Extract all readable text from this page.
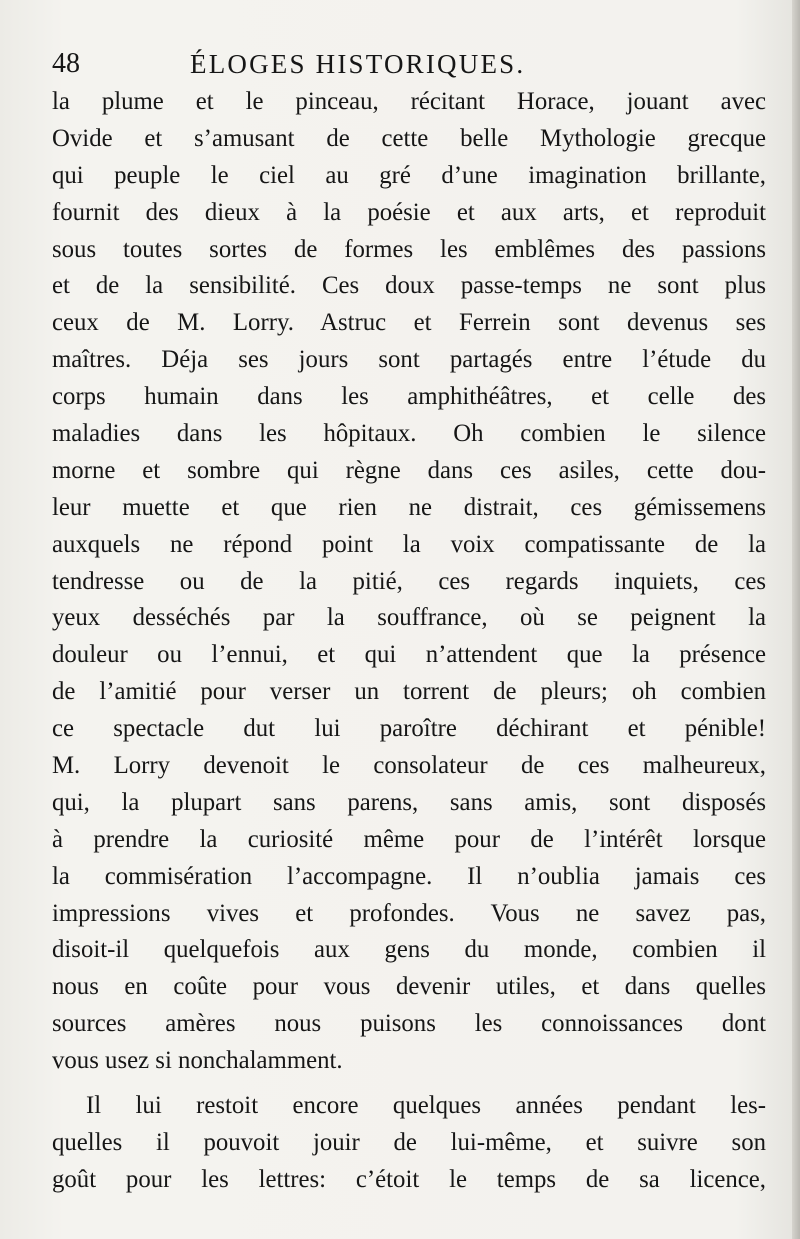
48	ÉLOGES HISTORIQUES.
la plume et le pinceau, récitant Horace, jouant avec
Ovide et s’amusant de cette belle Mythologie grecque
qui peuple le ciel au gré d’une imagination brillante,
fournit des dieux à la poésie et aux arts, et reproduit
sous toutes sortes de formes les emblêmes des passions
et de la sensibilité. Ces doux passe-temps ne sont plus
ceux de M. Lorry. Astruc et Ferrein sont devenus ses
maîtres. Déja ses jours sont partagés entre l’étude du
corps humain dans les amphithéâtres, et celle des
maladies dans les hôpitaux. Oh combien le silence
morne et sombre qui règne dans ces asiles, cette dou-
leur muette et que rien ne distrait, ces gémissemens
auxquels ne répond point la voix compatissante de la
tendresse ou de la pitié, ces regards inquiets, ces
yeux desséchés par la souffrance, où se peignent la
douleur ou l’ennui, et qui n’attendent que la présence
de l’amitié pour verser un torrent de pleurs; oh combien
ce spectacle dut lui paroître déchirant et pénible!
M. Lorry devenoit le consolateur de ces malheureux,
qui, la plupart sans parens, sans amis, sont disposés
à prendre la curiosité même pour de l’intérêt lorsque
la commisération l’accompagne. Il n’oublia jamais ces
impressions vives et profondes. Vous ne savez pas,
disoit-il quelquefois aux gens du monde, combien il
nous en coûte pour vous devenir utiles, et dans quelles
sources amères nous puisons les connoissances dont
vous usez si nonchalamment.
Il lui restoit encore quelques années pendant les-
quelles il pouvoit jouir de lui-même, et suivre son
goût pour les lettres: c’étoit le temps de sa licence,
